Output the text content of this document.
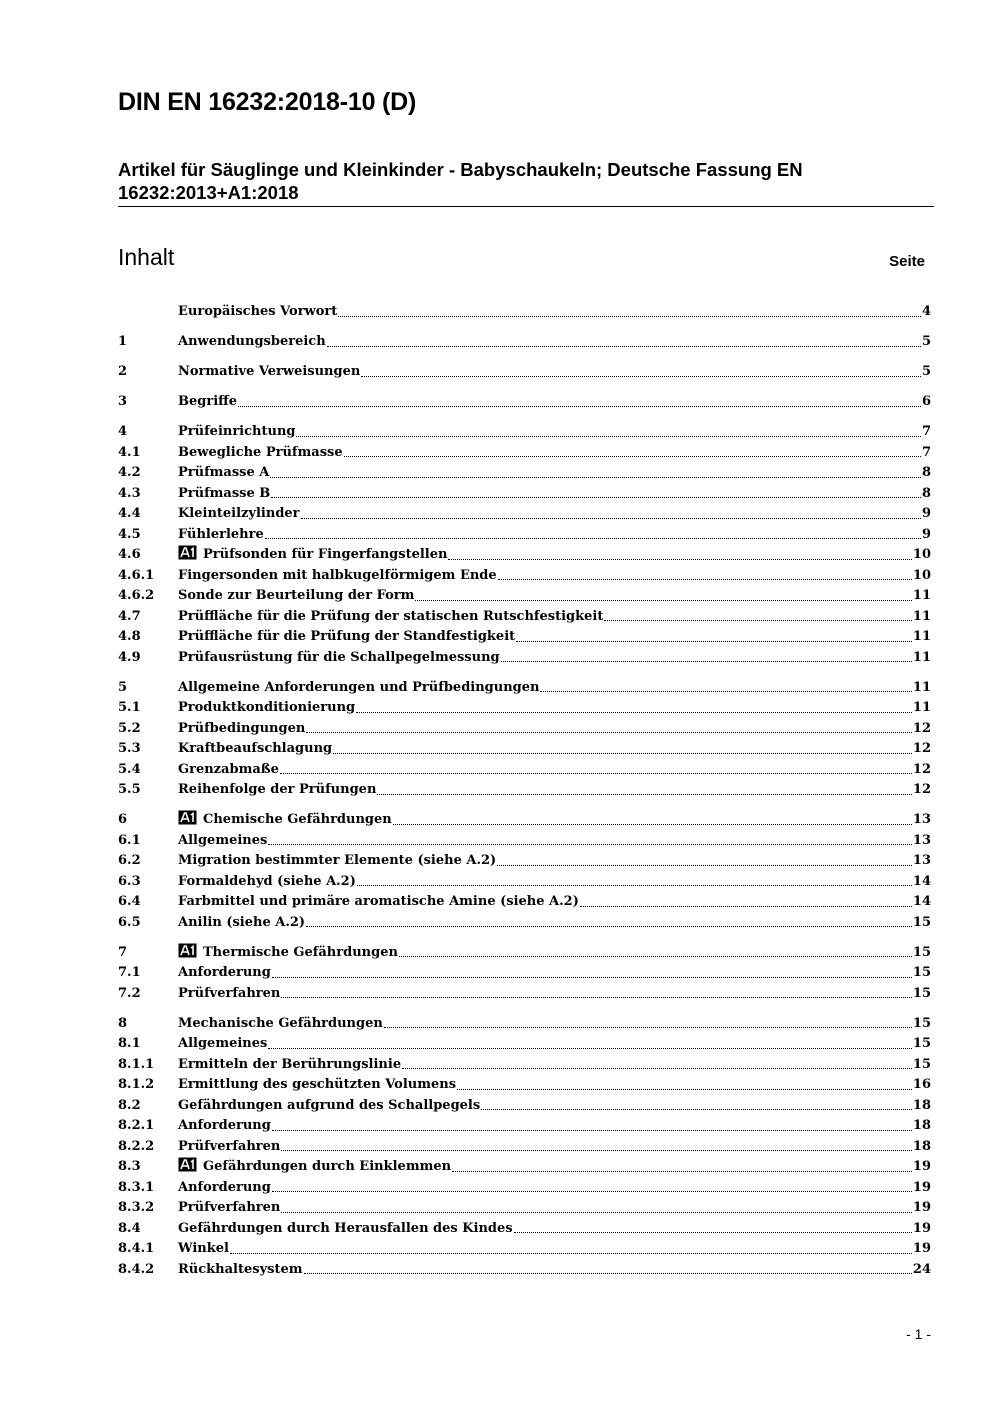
DIN EN 16232:2018-10 (D)
Artikel für Säuglinge und Kleinkinder - Babyschaukeln; Deutsche Fassung EN 16232:2013+A1:2018
Inhalt	Seite
Europäisches Vorwort	4
1	Anwendungsbereich	5
2	Normative Verweisungen	5
3	Begriffe	6
4	Prüfeinrichtung	7
4.1	Bewegliche Prüfmasse	7
4.2	Prüfmasse A	8
4.3	Prüfmasse B	8
4.4	Kleinteilzylinder	9
4.5	Fühlerlehre	9
4.6	Prüfsonden für Fingerfangstellen	10
4.6.1	Fingersonden mit halbkugelförmigem Ende	10
4.6.2	Sonde zur Beurteilung der Form	11
4.7	Prüffläche für die Prüfung der statischen Rutschfestigkeit	11
4.8	Prüffläche für die Prüfung der Standfestigkeit	11
4.9	Prüfausrüstung für die Schallpegelmessung	11
5	Allgemeine Anforderungen und Prüfbedingungen	11
5.1	Produktkonditionierung	11
5.2	Prüfbedingungen	12
5.3	Kraftbeaufschlagung	12
5.4	Grenzabmaße	12
5.5	Reihenfolge der Prüfungen	12
6	Chemische Gefährdungen	13
6.1	Allgemeines	13
6.2	Migration bestimmter Elemente (siehe A.2)	13
6.3	Formaldehyd (siehe A.2)	14
6.4	Farbmittel und primäre aromatische Amine (siehe A.2)	14
6.5	Anilin (siehe A.2)	15
7	Thermische Gefährdungen	15
7.1	Anforderung	15
7.2	Prüfverfahren	15
8	Mechanische Gefährdungen	15
8.1	Allgemeines	15
8.1.1	Ermitteln der Berührungslinie	15
8.1.2	Ermittlung des geschützten Volumens	16
8.2	Gefährdungen aufgrund des Schallpegels	18
8.2.1	Anforderung	18
8.2.2	Prüfverfahren	18
8.3	Gefährdungen durch Einklemmen	19
8.3.1	Anforderung	19
8.3.2	Prüfverfahren	19
8.4	Gefährdungen durch Herausfallen des Kindes	19
8.4.1	Winkel	19
8.4.2	Rückhaltesystem	24
- 1 -
